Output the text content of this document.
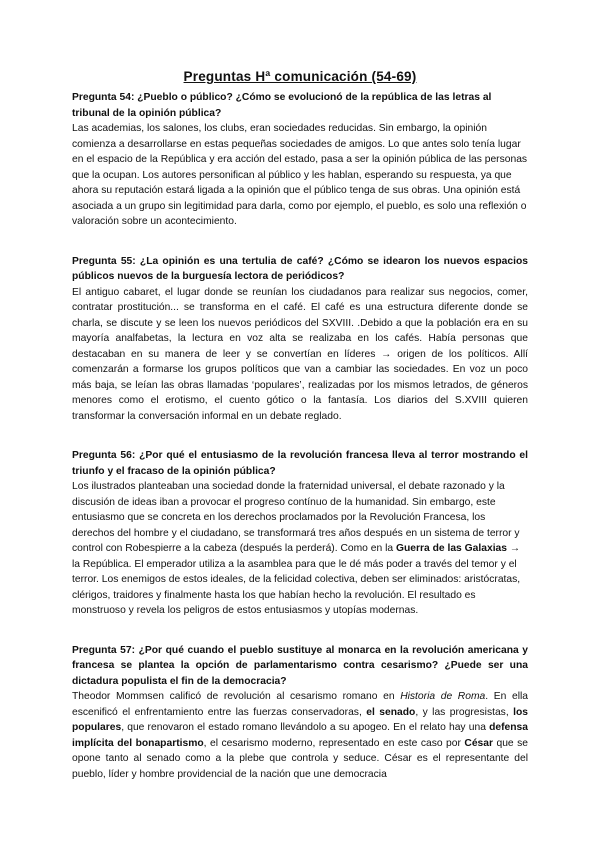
Preguntas Hª comunicación (54-69)

Pregunta 54: ¿Pueblo o público? ¿Cómo se evolucionó de la república de las letras al tribunal de la opinión pública?

Las academias, los salones, los clubs, eran sociedades reducidas. Sin embargo, la opinión comienza a desarrollarse en estas pequeñas sociedades de amigos. Lo que antes solo tenía lugar en el espacio de la República y era acción del estado, pasa a ser la opinión pública de las personas que la ocupan. Los autores personifican al público y les hablan, esperando su respuesta, ya que ahora su reputación estará ligada a la opinión que el público tenga de sus obras. Una opinión está asociada a un grupo sin legitimidad para darla, como por ejemplo, el pueblo, es solo una reflexión o valoración sobre un acontecimiento.

Pregunta 55: ¿La opinión es una tertulia de café? ¿Cómo se idearon los nuevos espacios públicos nuevos de la burguesía lectora de periódicos?

El antiguo cabaret, el lugar donde se reunían los ciudadanos para realizar sus negocios, comer, contratar prostitución... se transforma en el café. El café es una estructura diferente donde se charla, se discute y se leen los nuevos periódicos del SXVIII. .Debido a que la población era en su mayoría analfabetas, la lectura en voz alta se realizaba en los cafés. Había personas que destacaban en su manera de leer y se convertían en líderes → origen de los políticos. Allí comenzarán a formarse los grupos políticos que van a cambiar las sociedades. En voz un poco más baja, se leían las obras llamadas ‘populares’, realizadas por los mismos letrados, de géneros menores como el erotismo, el cuento gótico o la fantasía. Los diarios del S.XVIII quieren transformar la conversación informal en un debate reglado.

Pregunta 56: ¿Por qué el entusiasmo de la revolución francesa lleva al terror mostrando el triunfo y el fracaso de la opinión pública?

Los ilustrados planteaban una sociedad donde la fraternidad universal, el debate razonado y la discusión de ideas iban a provocar el progreso contínuo de la humanidad. Sin embargo, este entusiasmo que se concreta en los derechos proclamados por la Revolución Francesa, los derechos del hombre y el ciudadano, se transformará tres años después en un sistema de terror y control con Robespierre a la cabeza (después la perderá). Como en la Guerra de las Galaxias → la República. El emperador utiliza a la asamblea para que le dé más poder a través del temor y el terror. Los enemigos de estos ideales, de la felicidad colectiva, deben ser eliminados: aristócratas, clérigos, traidores y finalmente hasta los que habían hecho la revolución. El resultado es monstruoso y revela los peligros de estos entusiasmos y utopías modernas.

Pregunta 57: ¿Por qué cuando el pueblo sustituye al monarca en la revolución americana y francesa se plantea la opción de parlamentarismo contra cesarismo? ¿Puede ser una dictadura populista el fin de la democracia?

Theodor Mommsen calificó de revolución al cesarismo romano en Historia de Roma. En ella escenificó el enfrentamiento entre las fuerzas conservadoras, el senado, y las progresistas, los populares, que renovaron el estado romano llevándolo a su apogeo. En el relato hay una defensa implícita del bonapartismo, el cesarismo moderno, representado en este caso por César que se opone tanto al senado como a la plebe que controla y seduce. César es el representante del pueblo, líder y hombre providencial de la nación que une democracia
